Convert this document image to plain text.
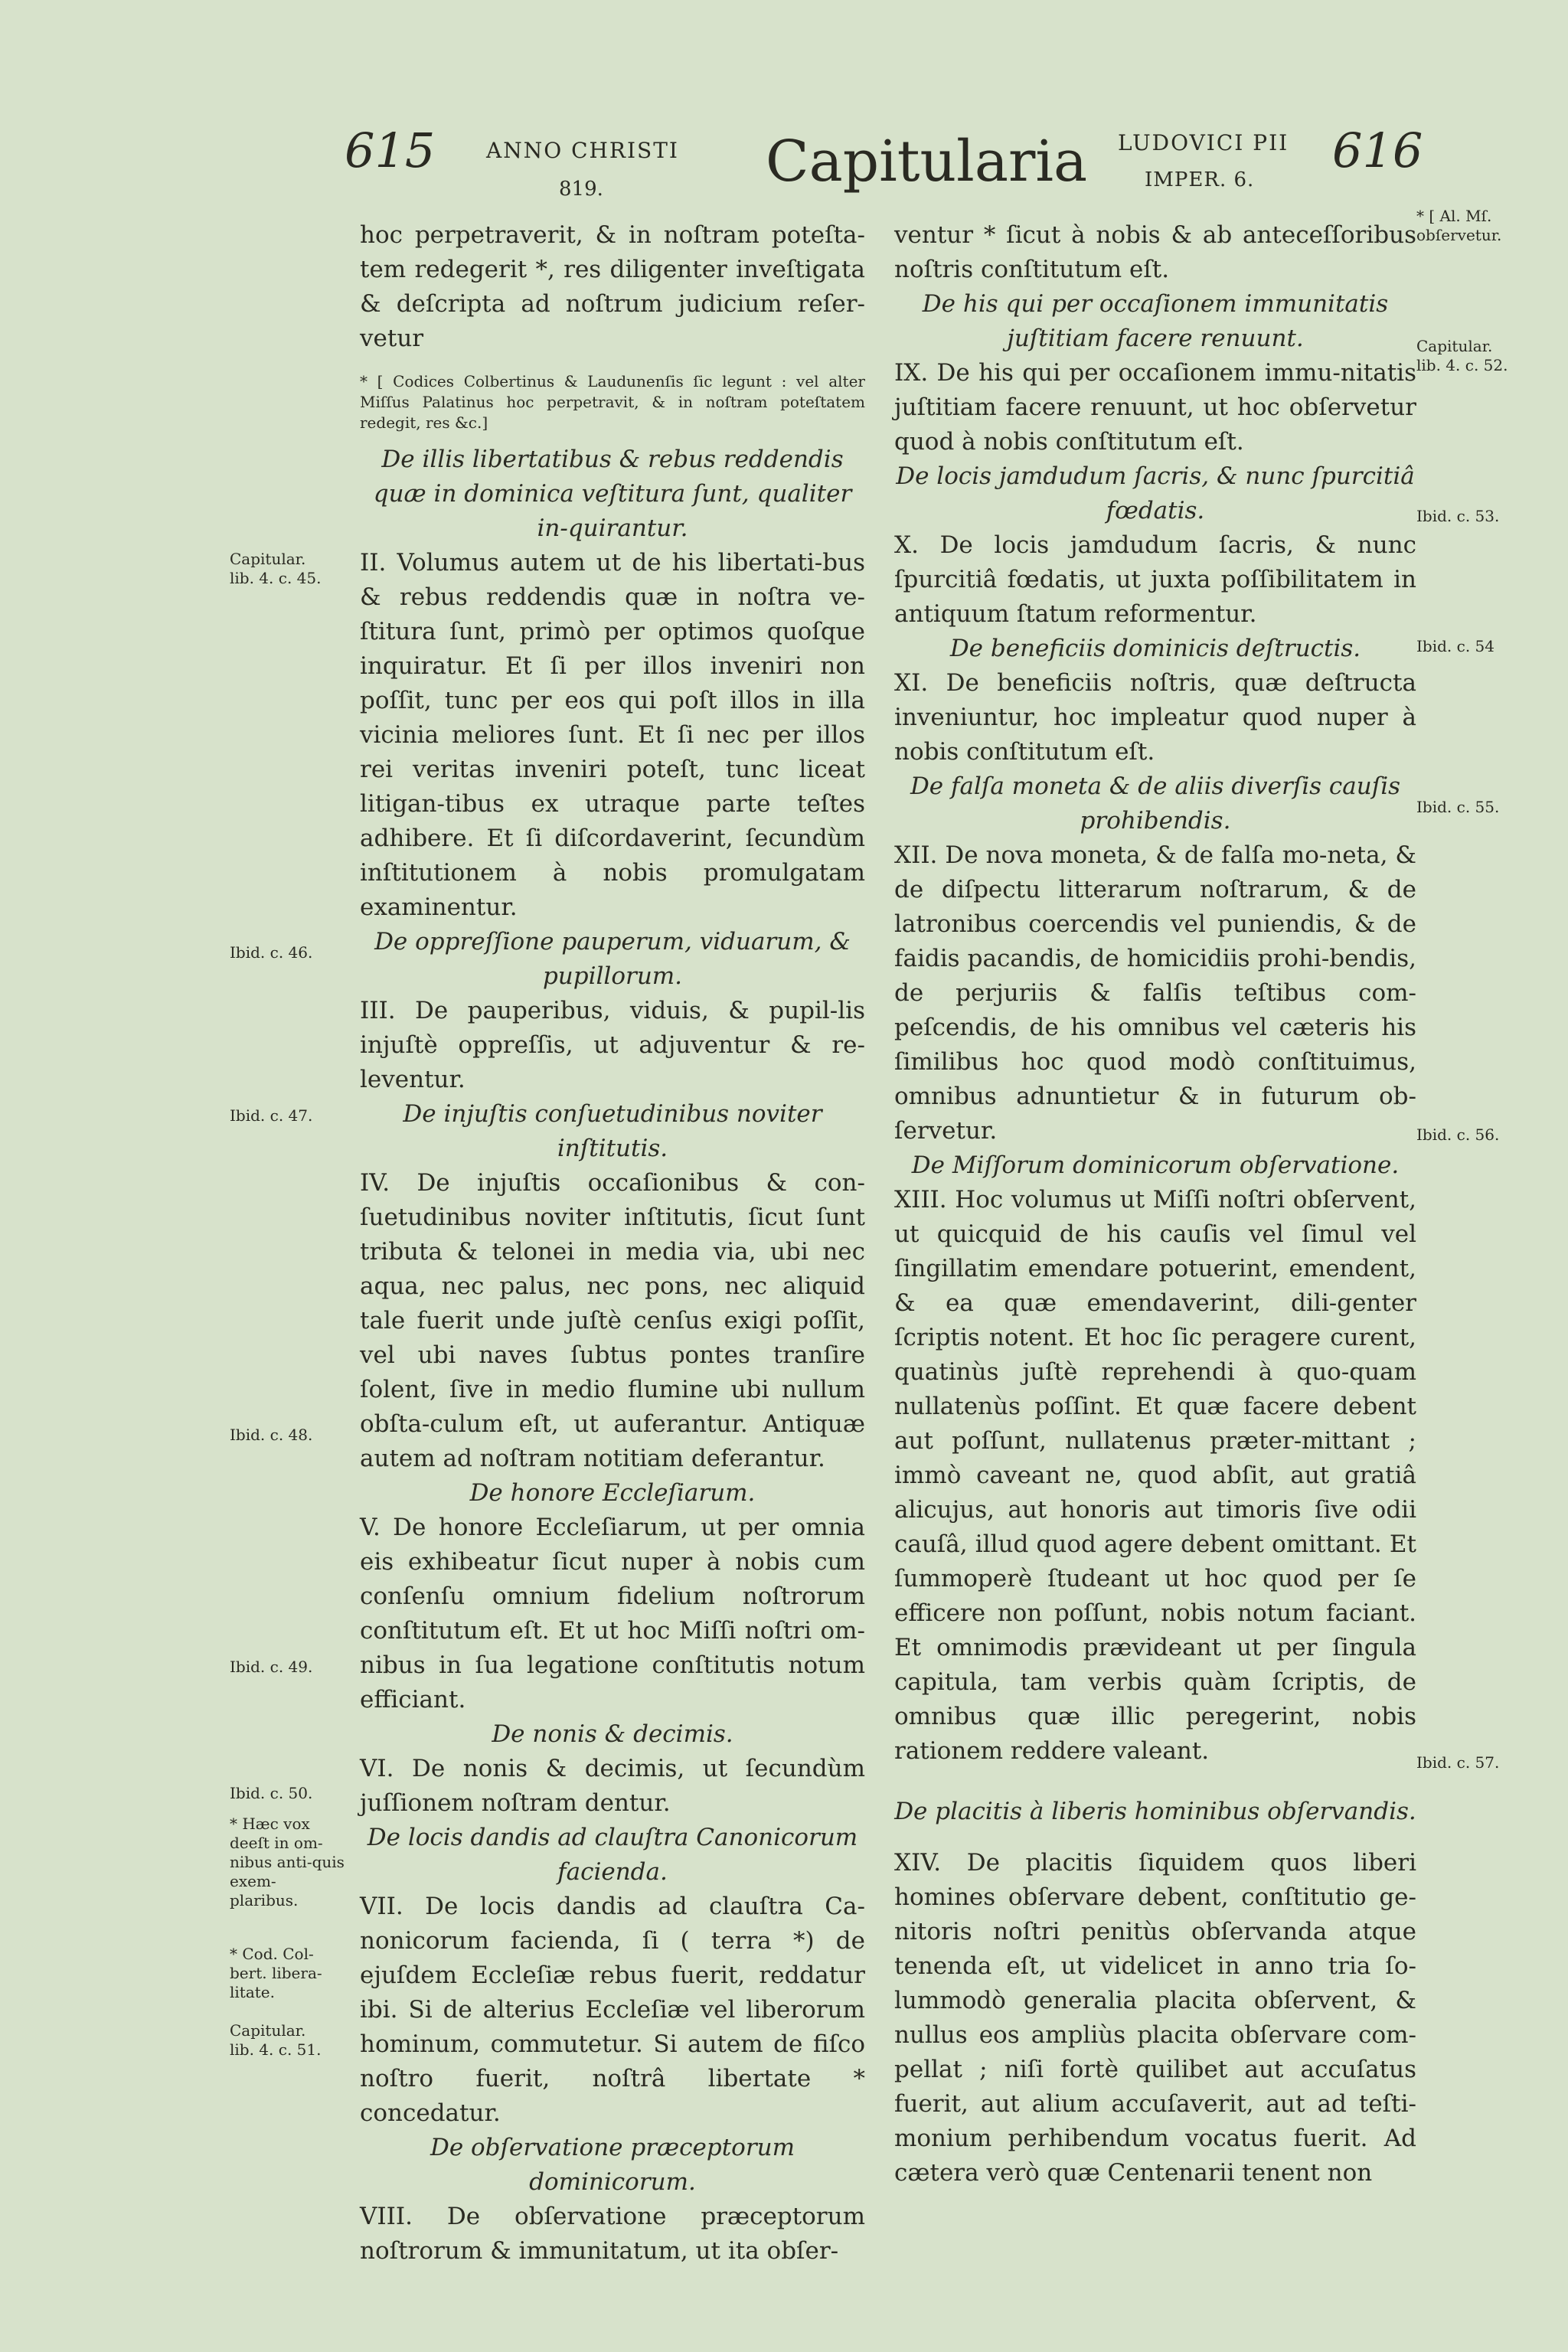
615 ANNO CHRISTI
819.	Capitularia LUDOVICI PII
IMPER. 6.
616

hoc perpetraverit, & in noſtram poteſta-tem redegerit *, res diligenter inveſtigata & deſcripta ad noſtrum judicium reſer-vetur

* [ Codices Colbertinus & Laudunenſis ſic legunt : vel alter Miſſus Palatinus hoc perpetravit, & in noſtram poteſtatem redegit, res &c.]

De illis libertatibus & rebus reddendis quæ in dominica veſtitura ſunt, qualiter in-quirantur.

II. Volumus autem ut de his libertati-bus & rebus reddendis quæ in noſtra ve-ſtitura ſunt, primò per optimos quoſque inquiratur. Et ſi per illos inveniri non poſſit, tunc per eos qui poſt illos in illa vicinia meliores ſunt. Et ſi nec per illos rei veritas inveniri poteſt, tunc liceat litigan-tibus ex utraque parte teſtes adhibere. Et ſi diſcordaverint, ſecundùm inſtitutionem à nobis promulgatam examinentur.

De oppreſſione pauperum, viduarum, & pupillorum.

III. De pauperibus, viduis, & pupil-lis injuſtè oppreſſis, ut adjuventur & re-leventur.

De injuſtis conſuetudinibus noviter inſtitutis.

IV. De injuſtis occaſionibus & con-ſuetudinibus noviter inſtitutis, ſicut ſunt tributa & telonei in media via, ubi nec aqua, nec palus, nec pons, nec aliquid tale fuerit unde juſtè cenſus exigi poſſit, vel ubi naves ſubtus pontes tranſire ſolent, ſive in medio flumine ubi nullum obſta-culum eſt, ut auferantur. Antiquæ autem ad noſtram notitiam deferantur.

De honore Eccleſiarum.

V. De honore Eccleſiarum, ut per omnia eis exhibeatur ſicut nuper à nobis cum conſenſu omnium fidelium noſtrorum conſtitutum eſt. Et ut hoc Miſſi noſtri om-nibus in ſua legatione conſtitutis notum efficiant.

De nonis & decimis.

VI. De nonis & decimis, ut ſecundùm juſſionem noſtram dentur.

De locis dandis ad clauſtra Canonicorum facienda.

VII. De locis dandis ad clauſtra Ca-nonicorum facienda, ſi ( terra *) de ejuſdem Eccleſiæ rebus fuerit, reddatur ibi. Si de alterius Eccleſiæ vel liberorum hominum, commutetur. Si autem de fiſco noſtro fuerit, noſtrâ libertate * concedatur.

De obſervatione præceptorum dominicorum.

VIII. De obſervatione præceptorum noſtrorum & immunitatum, ut ita obſer-

ventur * ſicut à nobis & ab anteceſſoribus noſtris conſtitutum eſt.

De his qui per occaſionem immunitatis juſtitiam facere renuunt.

IX. De his qui per occaſionem immu-nitatis juſtitiam facere renuunt, ut hoc obſervetur quod à nobis conſtitutum eſt.

De locis jamdudum ſacris, & nunc ſpurcitiâ fœdatis.

X. De locis jamdudum ſacris, & nunc ſpurcitiâ fœdatis, ut juxta poſſibilitatem in antiquum ſtatum reformentur.

De beneficiis dominicis deſtructis.

XI. De beneficiis noſtris, quæ deſtructa inveniuntur, hoc impleatur quod nuper à nobis conſtitutum eſt.

De falſa moneta & de aliis diverſis cauſis prohibendis.

XII. De nova moneta, & de falſa mo-neta, & de diſpectu litterarum noſtrarum, & de latronibus coercendis vel puniendis, & de faidis pacandis, de homicidiis prohi-bendis, de perjuriis & falſis teſtibus com-peſcendis, de his omnibus vel cæteris his ſimilibus hoc quod modò conſtituimus, omnibus adnuntietur & in futurum ob-ſervetur.

De Miſſorum dominicorum obſervatione.

XIII. Hoc volumus ut Miſſi noſtri obſervent, ut quicquid de his cauſis vel ſimul vel ſingillatim emendare potuerint, emendent, & ea quæ emendaverint, dili-genter ſcriptis notent. Et hoc ſic peragere curent, quatinùs juſtè reprehendi à quo-quam nullatenùs poſſint. Et quæ facere debent aut poſſunt, nullatenus præter-mittant ; immò caveant ne, quod abſit, aut gratiâ alicujus, aut honoris aut timoris ſive odii cauſâ, illud quod agere debent omittant. Et ſummoperè ſtudeant ut hoc quod per ſe efficere non poſſunt, nobis notum faciant. Et omnimodis prævideant ut per ſingula capitula, tam verbis quàm ſcriptis, de omnibus quæ illic peregerint, nobis rationem reddere valeant.

De placitis à liberis hominibus obſervandis.

XIV. De placitis ſiquidem quos liberi homines obſervare debent, conſtitutio ge-nitoris noſtri penitùs obſervanda atque tenenda eſt, ut videlicet in anno tria ſo-lummodò generalia placita obſervent, & nullus eos ampliùs placita obſervare com-pellat ; niſi fortè quilibet aut accuſatus fuerit, aut alium accuſaverit, aut ad teſti-monium perhibendum vocatus fuerit. Ad cætera verò quæ Centenarii tenent non

Capitular.
lib. 4. c. 45.
Ibid. c. 46.
Ibid. c. 47.
Ibid. c. 48.
Ibid. c. 49.
Ibid. c. 50.
* Hæc vox deeſt in om-nibus anti-quis exem-plaribus.
* Cod. Col-bert. libera-litate.
Capitular.
lib. 4. c. 51.
* [ Al. Mſ. obſervetur.
Capitular.
lib. 4. c. 52.
Ibid. c. 53.
Ibid. c. 54
Ibid. c. 55.
Ibid. c. 56.
Ibid. c. 57.
